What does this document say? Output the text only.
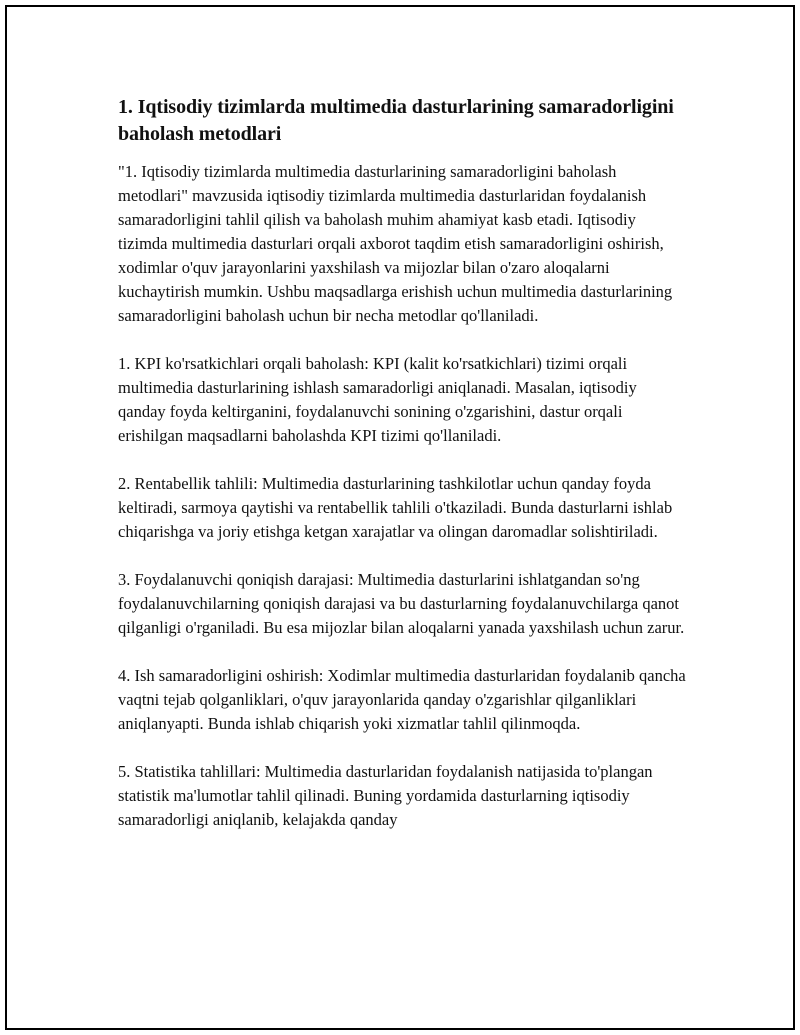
1. Iqtisodiy tizimlarda multimedia dasturlarining samaradorligini baholash metodlari

"1. Iqtisodiy tizimlarda multimedia dasturlarining samaradorligini baholash metodlari" mavzusida iqtisodiy tizimlarda multimedia dasturlaridan foydalanish samaradorligini tahlil qilish va baholash muhim ahamiyat kasb etadi. Iqtisodiy tizimda multimedia dasturlari orqali axborot taqdim etish samaradorligini oshirish, xodimlar o'quv jarayonlarini yaxshilash va mijozlar bilan o'zaro aloqalarni kuchaytirish mumkin. Ushbu maqsadlarga erishish uchun multimedia dasturlarining samaradorligini baholash uchun bir necha metodlar qo'llaniladi.

1. KPI ko'rsatkichlari orqali baholash: KPI (kalit ko'rsatkichlari) tizimi orqali multimedia dasturlarining ishlash samaradorligi aniqlanadi. Masalan, iqtisodiy qanday foyda keltirganini, foydalanuvchi sonining o'zgarishini, dastur orqali erishilgan maqsadlarni baholashda KPI tizimi qo'llaniladi.

2. Rentabellik tahlili: Multimedia dasturlarining tashkilotlar uchun qanday foyda keltiradi, sarmoya qaytishi va rentabellik tahlili o'tkaziladi. Bunda dasturlarni ishlab chiqarishga va joriy etishga ketgan xarajatlar va olingan daromadlar solishtiriladi.

3. Foydalanuvchi qoniqish darajasi: Multimedia dasturlarini ishlatgandan so'ng foydalanuvchilarning qoniqish darajasi va bu dasturlarning foydalanuvchilarga qanot qilganligi o'rganiladi. Bu esa mijozlar bilan aloqalarni yanada yaxshilash uchun zarur.

4. Ish samaradorligini oshirish: Xodimlar multimedia dasturlaridan foydalanib qancha vaqtni tejab qolganliklari, o'quv jarayonlarida qanday o'zgarishlar qilganliklari aniqlanyapti. Bunda ishlab chiqarish yoki xizmatlar tahlil qilinmoqda.

5. Statistika tahlillari: Multimedia dasturlaridan foydalanish natijasida to'plangan statistik ma'lumotlar tahlil qilinadi. Buning yordamida dasturlarning iqtisodiy samaradorligi aniqlanib, kelajakda qanday
